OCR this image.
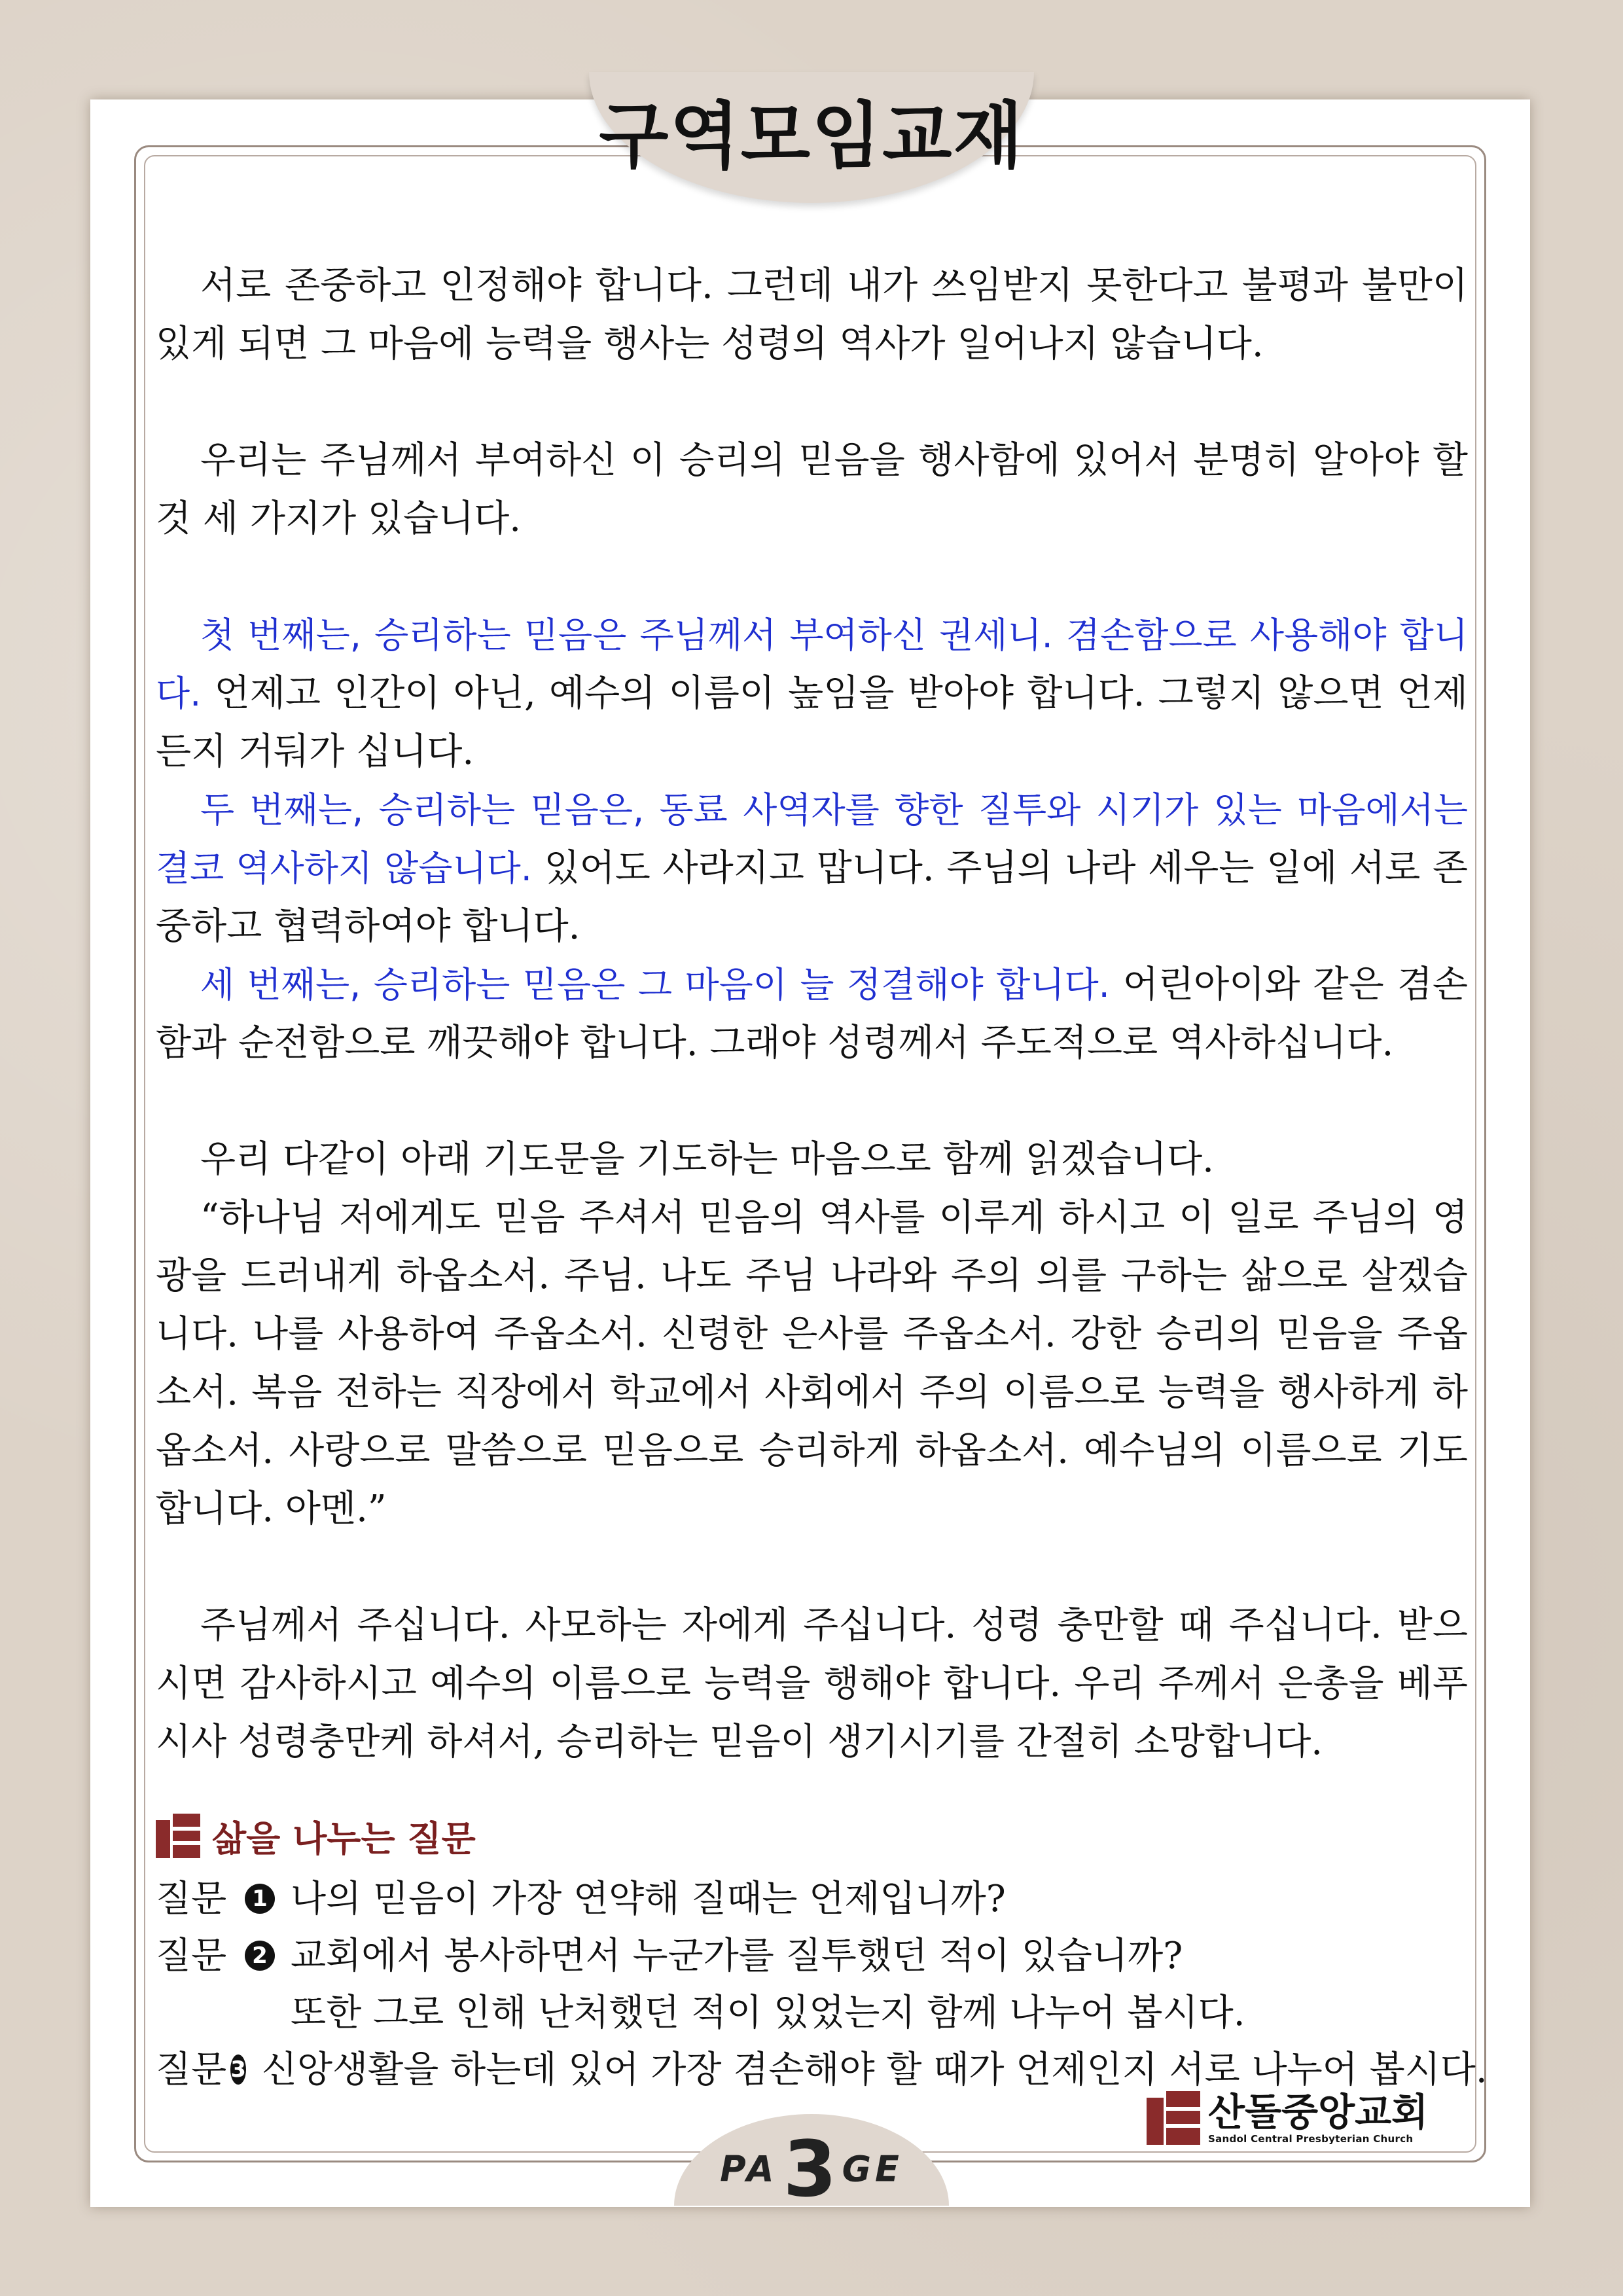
구역모임교재

서로 존중하고 인정해야 합니다. 그런데 내가 쓰임받지 못한다고 불평과 불만이 있게 되면 그 마음에 능력을 행사는 성령의 역사가 일어나지 않습니다.

우리는 주님께서 부여하신 이 승리의 믿음을 행사함에 있어서 분명히 알아야 할 것 세 가지가 있습니다.

첫 번째는, 승리하는 믿음은 주님께서 부여하신 권세니. 겸손함으로 사용해야 합니다. 언제고 인간이 아닌, 예수의 이름이 높임을 받아야 합니다. 그렇지 않으면 언제든지 거둬가 십니다.

두 번째는, 승리하는 믿음은, 동료 사역자를 향한 질투와 시기가 있는 마음에서는 결코 역사하지 않습니다. 있어도 사라지고 맙니다. 주님의 나라 세우는 일에 서로 존중하고 협력하여야 합니다.

세 번째는, 승리하는 믿음은 그 마음이 늘 정결해야 합니다. 어린아이와 같은 겸손함과 순전함으로 깨끗해야 합니다. 그래야 성령께서 주도적으로 역사하십니다.

우리 다같이 아래 기도문을 기도하는 마음으로 함께 읽겠습니다.

“하나님 저에게도 믿음 주셔서 믿음의 역사를 이루게 하시고 이 일로 주님의 영광을 드러내게 하옵소서. 주님. 나도 주님 나라와 주의 의를 구하는 삶으로 살겠습니다. 나를 사용하여 주옵소서. 신령한 은사를 주옵소서. 강한 승리의 믿음을 주옵소서. 복음 전하는 직장에서 학교에서 사회에서 주의 이름으로 능력을 행사하게 하옵소서. 사랑으로 말씀으로 믿음으로 승리하게 하옵소서. 예수님의 이름으로 기도합니다. 아멘.”

주님께서 주십니다. 사모하는 자에게 주십니다. 성령 충만할 때 주십니다. 받으시면 감사하시고 예수의 이름으로 능력을 행해야 합니다. 우리 주께서 은총을 베푸시사 성령충만케 하셔서, 승리하는 믿음이 생기시기를 간절히 소망합니다.

삶을 나누는 질문
질문	1 나의 믿음이 가장 연약해 질때는 언제입니까?
질문	2 교회에서 봉사하면서 누군가를 질투했던 적이 있습니까?
또한 그로 인해 난처했던 적이 있었는지 함께 나누어 봅시다.
질문 3 신앙생활을 하는데 있어 가장 겸손해야 할 때가 언제인지 서로 나누어 봅시다.
산돌중앙교회
Sandol Central Presbyterian Church
PA3 GE
